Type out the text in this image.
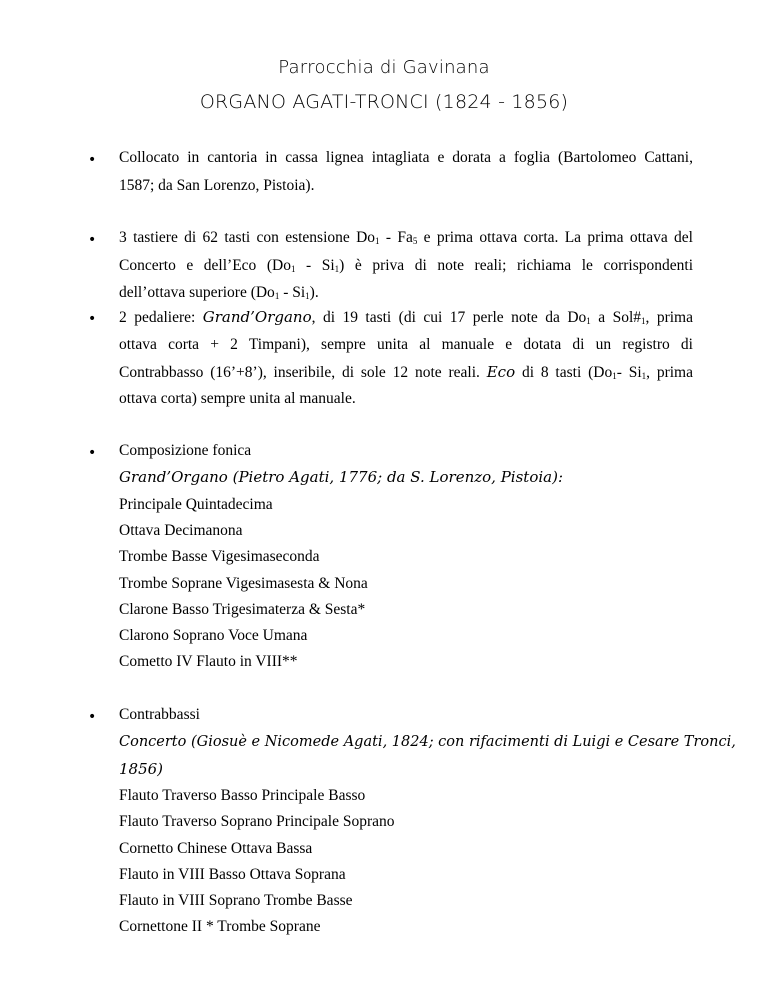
Parrocchia di Gavinana
ORGANO AGATI-TRONCI (1824 - 1856)
• Collocato in cantoria in cassa lignea intagliata e dorata a foglia (Bartolomeo Cattani,
1587; da San Lorenzo, Pistoia).
• 3 tastiere di 62 tasti con estensione $Do_1 - Fa_5$ e prima ottava corta. La prima ottava del
Concerto e dell’Eco $(Do_1 - Si_1)$ è priva di note reali; richiama le corrispondenti
dell’ottava superiore $(Do_1 - Si_1)$.
• 2 pedaliere: Grand’Organo, di 19 tasti (di cui 17 perle note da $Do_1$ a $Sol\#_1$, prima
ottava corta + 2 Timpani), sempre unita al manuale e dotata di un registro di
Contrabbasso (16’+8’), inseribile, di sole 12 note reali. Eco di 8 tasti ($Do_1-$ $Si_1$, prima
ottava corta) sempre unita al manuale.
• Composizione fonica
Grand’Organo (Pietro Agati, 1776; da S. Lorenzo, Pistoia):
Principale Quintadecima
Ottava Decimanona
Trombe Basse Vigesimaseconda
Trombe Soprane Vigesimasesta & Nona
Clarone Basso Trigesimaterza & Sesta*
Clarono Soprano Voce Umana
Cometto IV Flauto in VIII**
• Contrabbassi
Concerto (Giosuè e Nicomede Agati, 1824; con rifacimenti di Luigi e Cesare Tronci,
1856)
Flauto Traverso Basso Principale Basso
Flauto Traverso Soprano Principale Soprano
Cornetto Chinese Ottava Bassa
Flauto in VIII Basso Ottava Soprana
Flauto in VIII Soprano Trombe Basse
Cornettone II * Trombe Soprane
